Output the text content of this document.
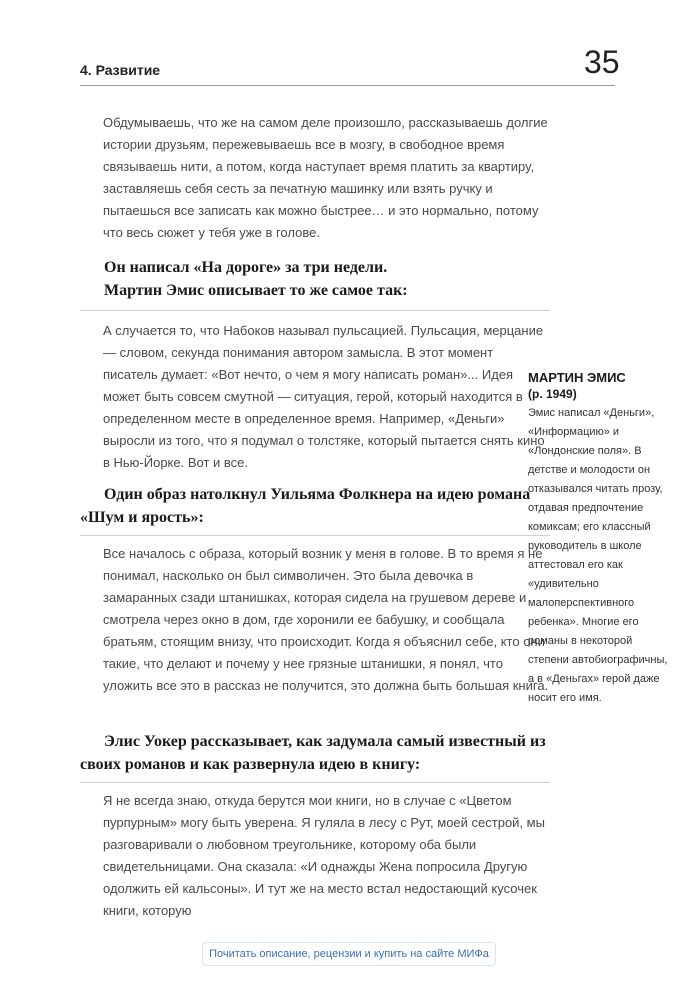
4. Развитие	35

Обдумываешь, что же на самом деле произошло, рассказываешь долгие истории друзьям, пережевываешь все в мозгу, в свободное время связываешь нити, а потом, когда наступает время платить за квартиру, заставляешь себя сесть за печатную машинку или взять ручку и пытаешься все записать как можно быстрее… и это нормально, потому что весь сюжет у тебя уже в голове.

Он написал «На дороге» за три недели.

Мартин Эмис описывает то же самое так:

А случается то, что Набоков называл пульсацией. Пульсация, мерцание — словом, секунда понимания автором замысла. В этот момент писатель думает: «Вот нечто, о чем я могу написать роман»... Идея может быть совсем смутной — ситуация, герой, который находится в определенном месте в определенное время. Например, «Деньги» выросли из того, что я подумал о толстяке, который пытается снять кино в Нью-Йорке. Вот и все.

Один образ натолкнул Уильяма Фолкнера на идею романа «Шум и ярость»:

Все началось с образа, который возник у меня в голове. В то время я не понимал, насколько он был символичен. Это была девочка в замаранных сзади штанишках, которая сидела на грушевом дереве и смотрела через окно в дом, где хоронили ее бабушку, и сообщала братьям, стоящим внизу, что происходит. Когда я объяснил себе, кто они такие, что делают и почему у нее грязные штанишки, я понял, что уложить все это в рассказ не получится, это должна быть большая книга.

Элис Уокер рассказывает, как задумала самый известный из своих романов и как развернула идею в книгу:

Я не всегда знаю, откуда берутся мои книги, но в случае с «Цветом пурпурным» могу быть уверена. Я гуляла в лесу с Рут, моей сестрой, мы разговаривали о любовном треугольнике, которому оба были свидетельницами. Она сказала: «И однажды Жена попросила Другую одолжить ей кальсоны». И тут же на место встал недостающий кусочек книги, которую

МАРТИН ЭМИС

(р. 1949)

Эмис написал «Деньги», «Информацию» и «Лондонские поля». В детстве и молодости он отказывался читать прозу, отдавая предпочтение комиксам; его классный руководитель в школе аттестовал его как «удивительно малоперспективного ребенка». Многие его романы в некоторой степени автобиографичны, а в «Деньгах» герой даже носит его имя.

Почитать описание, рецензии и купить на сайте МИФа
